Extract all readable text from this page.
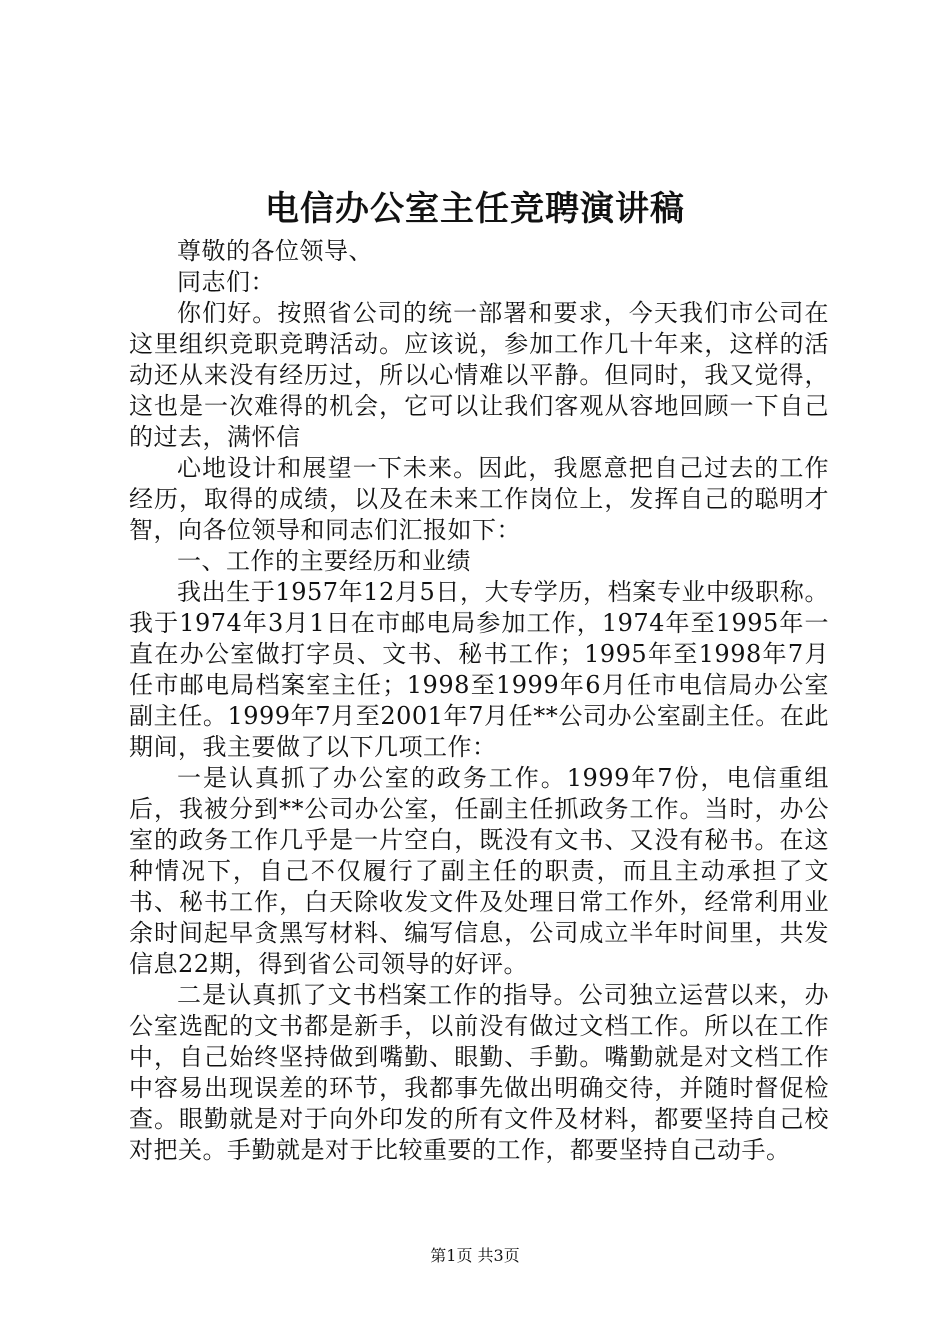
电信办公室主任竞聘演讲稿

尊敬的各位领导、

同志们：

你们好。按照省公司的统一部署和要求，今天我们市公司在这里组织竞职竞聘活动。应该说，参加工作几十年来，这样的活动还从来没有经历过，所以心情难以平静。但同时，我又觉得，这也是一次难得的机会，它可以让我们客观从容地回顾一下自己的过去，满怀信

心地设计和展望一下未来。因此，我愿意把自己过去的工作经历，取得的成绩，以及在未来工作岗位上，发挥自己的聪明才智，向各位领导和同志们汇报如下：

一、工作的主要经历和业绩

我出生于1957年12月5日，大专学历，档案专业中级职称。我于1974年3月1日在市邮电局参加工作，1974年至1995年一直在办公室做打字员、文书、秘书工作；1995年至1998年7月任市邮电局档案室主任；1998至1999年6月任市电信局办公室副主任。1999年7月至2001年7月任**公司办公室副主任。在此期间，我主要做了以下几项工作：

一是认真抓了办公室的政务工作。1999年7份，电信重组后，我被分到**公司办公室，任副主任抓政务工作。当时，办公室的政务工作几乎是一片空白，既没有文书、又没有秘书。在这种情况下，自己不仅履行了副主任的职责，而且主动承担了文书、秘书工作，白天除收发文件及处理日常工作外，经常利用业余时间起早贪黑写材料、编写信息，公司成立半年时间里，共发信息22期，得到省公司领导的好评。

二是认真抓了文书档案工作的指导。公司独立运营以来，办公室选配的文书都是新手，以前没有做过文档工作。所以在工作中，自己始终坚持做到嘴勤、眼勤、手勤。嘴勤就是对文档工作中容易出现误差的环节，我都事先做出明确交待，并随时督促检查。眼勤就是对于向外印发的所有文件及材料，都要坚持自己校对把关。手勤就是对于比较重要的工作，都要坚持自己动手。

第1页 共3页
